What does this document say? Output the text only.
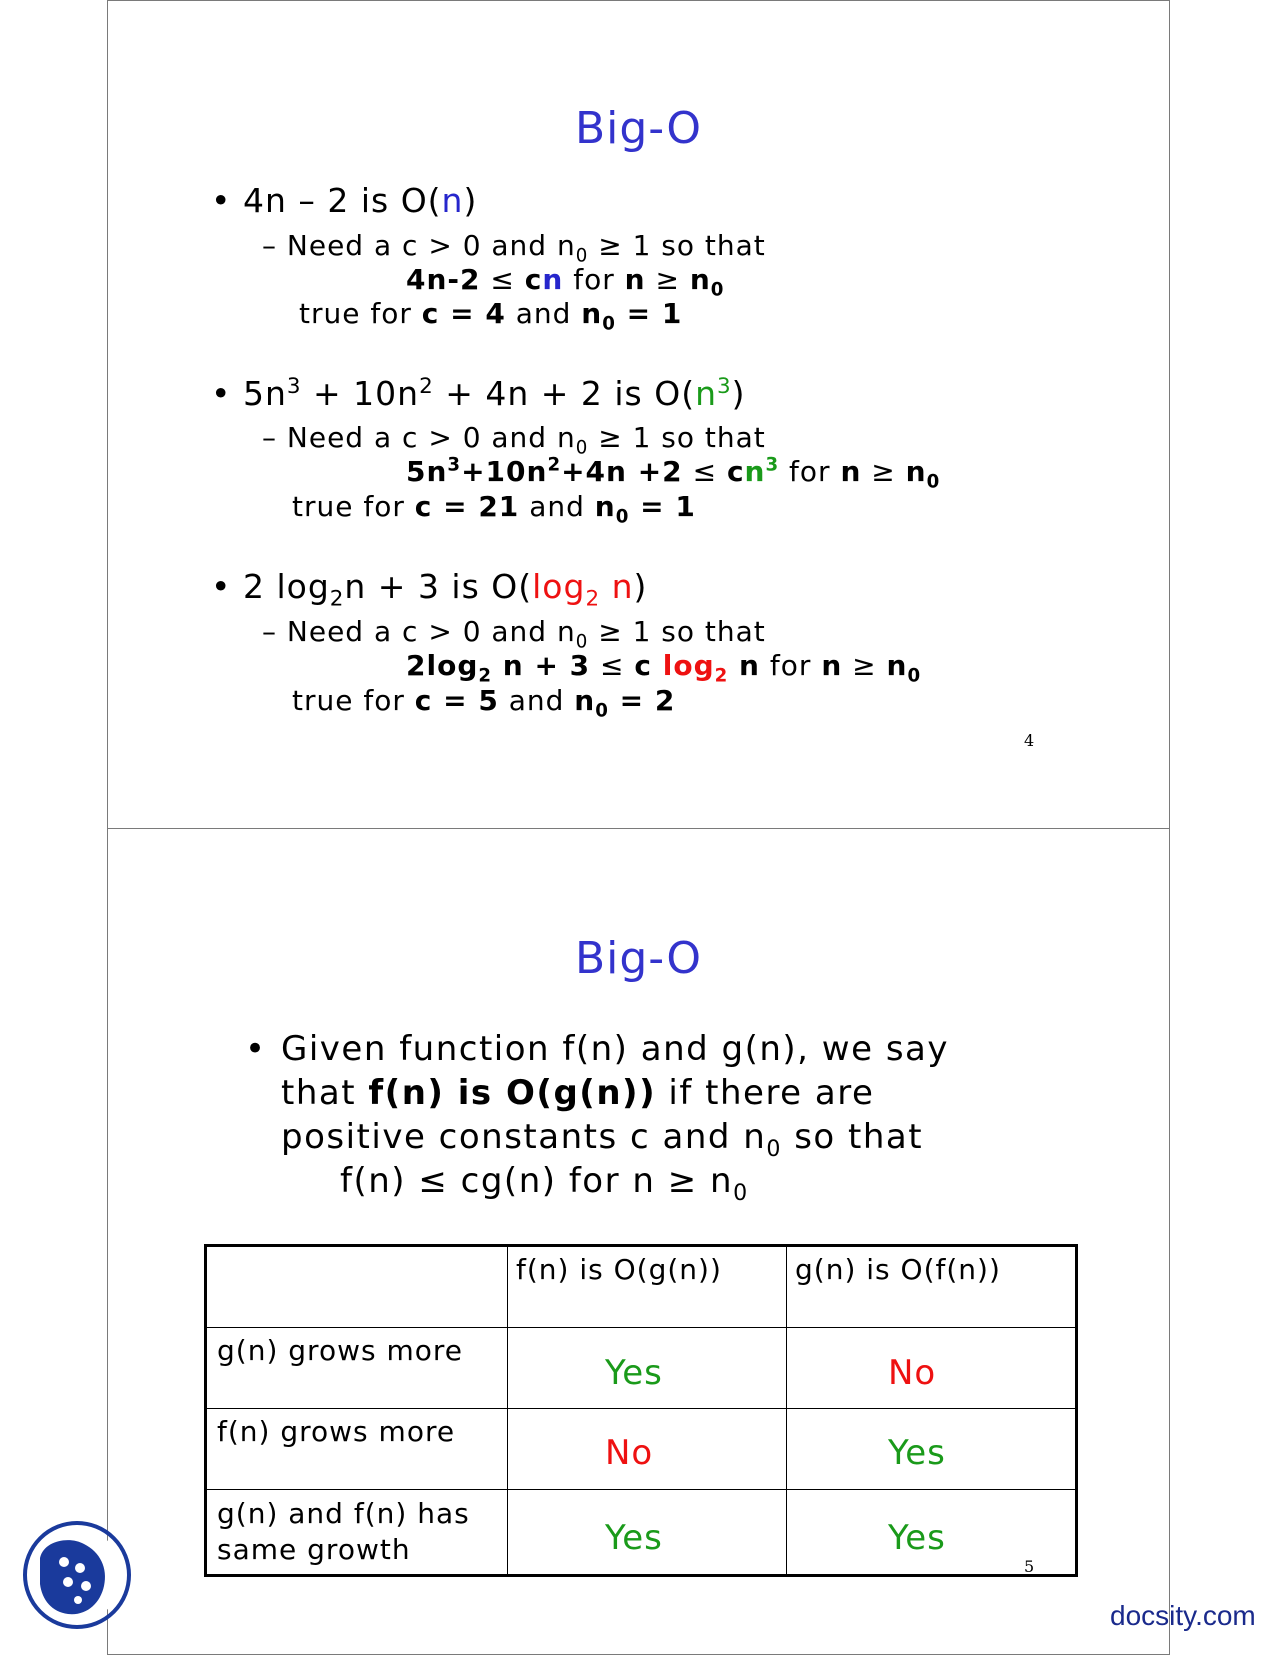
Big-O
• 4n – 2 is O(n)
– Need a c > 0 and $n_0 \ge 1$ so that
4n-2 ≤ cn for $n \ge n_0$
true for c = 4 and $n_0 = 1$
• $5n^3 + 10n^2 + 4n + 2$ is $O(n^3)$
– Need a c > 0 and $n_0 \ge 1$ so that
$5n^3+10n^2+4n +2 \le cn^3$ for $n \ge n_0$
true for c = 21 and $n_0 = 1$
• 2 $\log_2n + 3$ is $O(\log_2$ n)
– Need a c > 0 and $n_0 \ge 1$ so that
$2\log_2$ n + 3 ≤ c $\log_2 n$ for $n \ge n_0$
true for c = 5 and $n_0 = 2$
4
Big-O
• Given function f(n) and g(n), we say
that f(n) is O(g(n)) if there are
positive constants c and $n_0$ so that
f(n) ≤ cg(n) for $n \ge n_0$

	f(n) is O(g(n))	g(n) is O(f(n))

g(n) grows more	Yes	No

f(n) grows more	No	Yes

g(n) and f(n) has same growth	Yes	Yes
5
docsity.com
